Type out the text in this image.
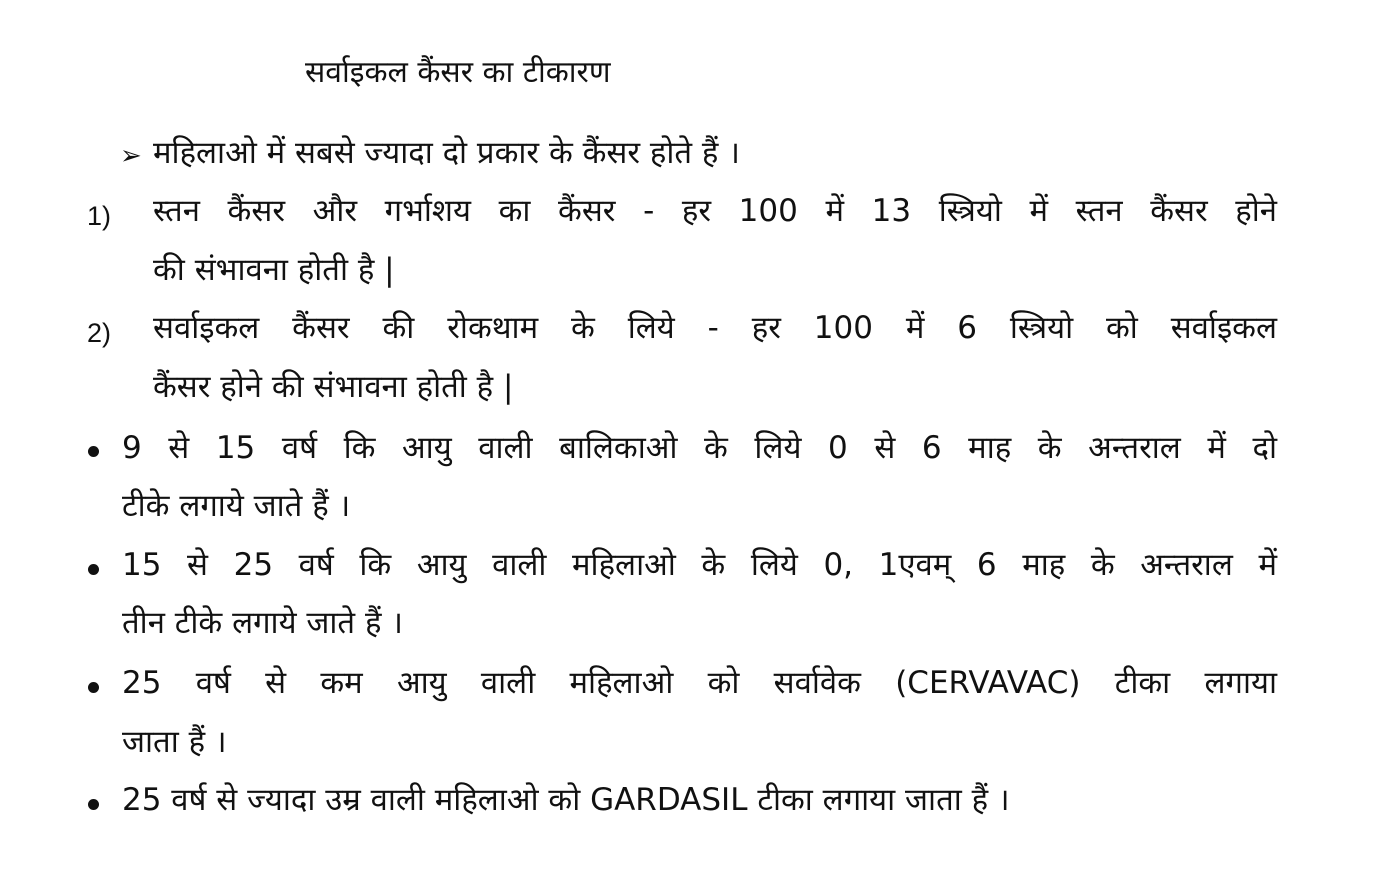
सर्वाइकल कैंसर का टीकारण
➢ महिलाओ में सबसे ज्यादा दो प्रकार के कैंसर होते हैं ।
1) स्तन कैंसर और गर्भाशय का कैंसर - हर 100 में 13 स्त्रियो में स्तन कैंसर होने
की संभावना होती है |
2) सर्वाइकल कैंसर की रोकथाम के लिये - हर 100 में 6 स्त्रियो को सर्वाइकल
कैंसर होने की संभावना होती है |
9 से 15 वर्ष कि आयु वाली बालिकाओ के लिये 0 से 6 माह के अन्तराल में दो
टीके लगाये जाते हैं ।
15 से 25 वर्ष कि आयु वाली महिलाओ के लिये 0, 1एवम् 6 माह के अन्तराल में
तीन टीके लगाये जाते हैं ।
25 वर्ष से कम आयु वाली महिलाओ को सर्वावेक (CERVAVAC) टीका लगाया
जाता हैं ।
25 वर्ष से ज्यादा उम्र वाली महिलाओ को GARDASIL टीका लगाया जाता हैं ।
